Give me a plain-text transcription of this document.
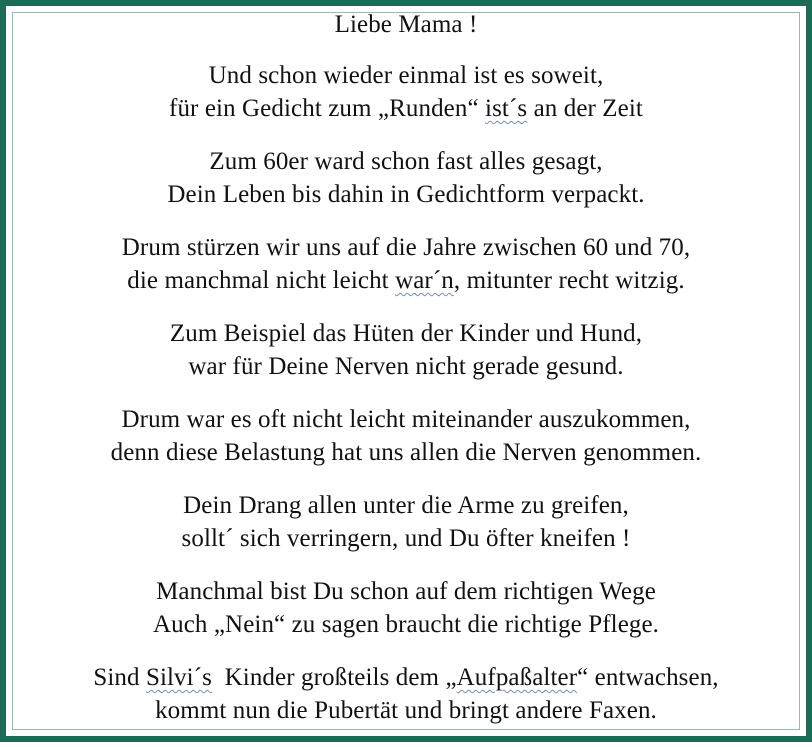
Liebe Mama !
Und schon wieder einmal ist es soweit,
für ein Gedicht zum „Runden“ ist´s an der Zeit
Zum 60er ward schon fast alles gesagt,
Dein Leben bis dahin in Gedichtform verpackt.
Drum stürzen wir uns auf die Jahre zwischen 60 und 70,
die manchmal nicht leicht war´n, mitunter recht witzig.
Zum Beispiel das Hüten der Kinder und Hund,
war für Deine Nerven nicht gerade gesund.
Drum war es oft nicht leicht miteinander auszukommen,
denn diese Belastung hat uns allen die Nerven genommen.
Dein Drang allen unter die Arme zu greifen,
sollt´ sich verringern, und Du öfter kneifen !
Manchmal bist Du schon auf dem richtigen Wege
Auch „Nein“ zu sagen braucht die richtige Pflege.
Sind Silvi´s  Kinder großteils dem „Aufpaßalter“ entwachsen,
kommt nun die Pubertät und bringt andere Faxen.
